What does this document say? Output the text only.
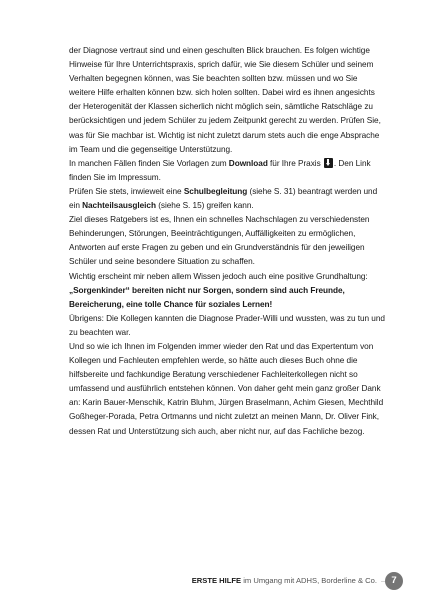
der Diagnose vertraut sind und einen geschulten Blick brauchen. Es folgen wichtige Hinweise für Ihre Unterrichtspraxis, sprich dafür, wie Sie diesem Schüler und seinem Verhalten begegnen können, was Sie beachten sollten bzw. müssen und wo Sie weitere Hilfe erhalten können bzw. sich holen sollten. Dabei wird es ihnen angesichts der Heterogenität der Klassen sicherlich nicht möglich sein, sämtliche Ratschläge zu berücksichtigen und jedem Schüler zu jedem Zeitpunkt gerecht zu werden. Prüfen Sie, was für Sie machbar ist. Wichtig ist nicht zuletzt darum stets auch die enge Absprache im Team und die gegenseitige Unterstützung.

In manchen Fällen finden Sie Vorlagen zum Download für Ihre Praxis . Den Link finden Sie im Impressum.

Prüfen Sie stets, inwieweit eine Schulbegleitung (siehe S. 31) beantragt werden und ein Nachteilsausgleich (siehe S. 15) greifen kann.

Ziel dieses Ratgebers ist es, Ihnen ein schnelles Nachschlagen zu verschiedensten Behinderungen, Störungen, Beeinträchtigungen, Auffälligkeiten zu ermöglichen, Antworten auf erste Fragen zu geben und ein Grundverständnis für den jeweiligen Schüler und seine besondere Situation zu schaffen.

Wichtig erscheint mir neben allem Wissen jedoch auch eine positive Grundhaltung:

„Sorgenkinder“ bereiten nicht nur Sorgen, sondern sind auch Freunde, Bereicherung, eine tolle Chance für soziales Lernen!

Übrigens: Die Kollegen kannten die Diagnose Prader-Willi und wussten, was zu tun und zu beachten war.

Und so wie ich Ihnen im Folgenden immer wieder den Rat und das Expertentum von Kollegen und Fachleuten empfehlen werde, so hätte auch dieses Buch ohne die hilfsbereite und fachkundige Beratung verschiedener Fachleiterkollegen nicht so umfassend und ausführlich entstehen können. Von daher geht mein ganz großer Dank an: Karin Bauer-Menschik, Katrin Bluhm, Jürgen Braselmann, Achim Giesen, Mechthild Goßheger-Porada, Petra Ortmanns und nicht zuletzt an meinen Mann, Dr. Oliver Fink, dessen Rat und Unterstützung sich auch, aber nicht nur, auf das Fachliche bezog.

ERSTE HILFE im Umgang mit ADHS, Borderline & Co.	7
